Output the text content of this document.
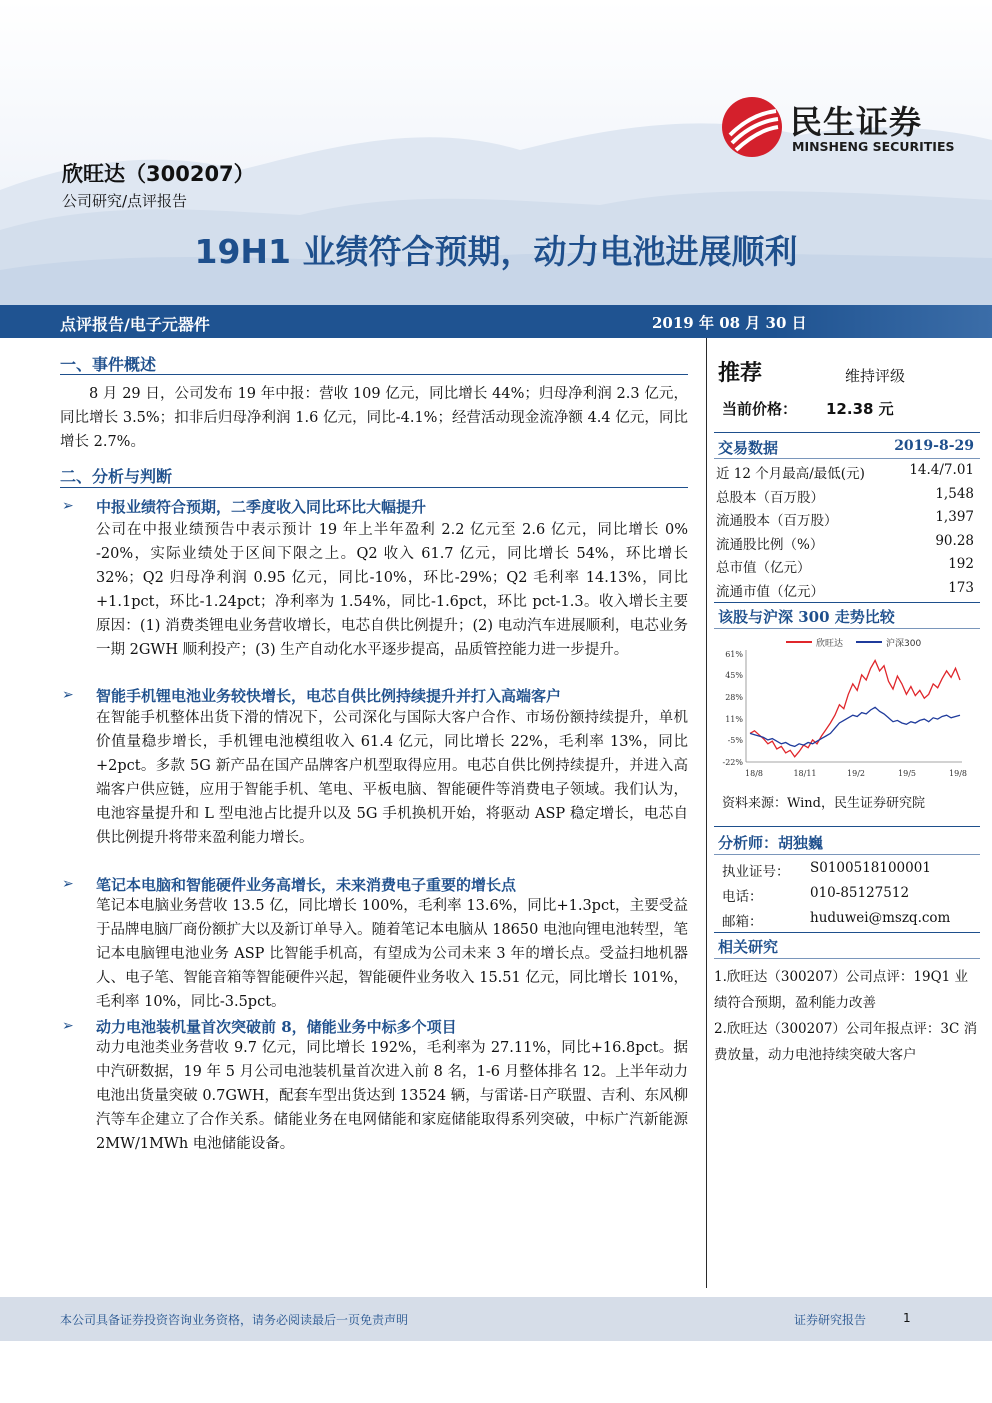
民生证券
MINSHENG SECURITIES
欣旺达（300207）
公司研究/点评报告
19H1 业绩符合预期，动力电池进展顺利
点评报告/电子元器件	2019 年 08 月 30 日
一、事件概述
8 月 29 日，公司发布 19 年中报：营收 109 亿元，同比增长 44%；归母净利润 2.3 亿元，同比增长 3.5%；扣非后归母净利润 1.6 亿元，同比-4.1%；经营活动现金流净额 4.4 亿元，同比增长 2.7%。
二、分析与判断
➢ 中报业绩符合预期，二季度收入同比环比大幅提升
公司在中报业绩预告中表示预计 19 年上半年盈利 2.2 亿元至 2.6 亿元，同比增长 0% -20%，实际业绩处于区间下限之上。Q2 收入 61.7 亿元，同比增长 54%，环比增长 32%；Q2 归母净利润 0.95 亿元，同比-10%，环比-29%；Q2 毛利率 14.13%，同比+1.1pct，环比-1.24pct；净利率为 1.54%，同比-1.6pct，环比 pct-1.3。收入增长主要原因：(1) 消费类锂电业务营收增长，电芯自供比例提升；(2) 电动汽车进展顺利，电芯业务一期 2GWH 顺利投产；(3) 生产自动化水平逐步提高，品质管控能力进一步提升。
➢ 智能手机锂电池业务较快增长，电芯自供比例持续提升并打入高端客户
在智能手机整体出货下滑的情况下，公司深化与国际大客户合作、市场份额持续提升，单机价值量稳步增长，手机锂电池模组收入 61.4 亿元，同比增长 22%，毛利率 13%，同比+2pct。多款 5G 新产品在国产品牌客户机型取得应用。电芯自供比例持续提升，并进入高端客户供应链，应用于智能手机、笔电、平板电脑、智能硬件等消费电子领域。我们认为，电池容量提升和 L 型电池占比提升以及 5G 手机换机开始，将驱动 ASP 稳定增长，电芯自供比例提升将带来盈利能力增长。
➢ 笔记本电脑和智能硬件业务高增长，未来消费电子重要的增长点
笔记本电脑业务营收 13.5 亿，同比增长 100%，毛利率 13.6%，同比+1.3pct，主要受益于品牌电脑厂商份额扩大以及新订单导入。随着笔记本电脑从 18650 电池向锂电池转型，笔记本电脑锂电池业务 ASP 比智能手机高，有望成为公司未来 3 年的增长点。受益扫地机器人、电子笔、智能音箱等智能硬件兴起，智能硬件业务收入 15.51 亿元，同比增长 101%，毛利率 10%，同比-3.5pct。
➢ 动力电池装机量首次突破前 8，储能业务中标多个项目
动力电池类业务营收 9.7 亿元，同比增长 192%，毛利率为 27.11%，同比+16.8pct。据中汽研数据，19 年 5 月公司电池装机量首次进入前 8 名，1-6 月整体排名 12。上半年动力电池出货量突破 0.7GWH，配套车型出货达到 13524 辆，与雷诺-日产联盟、吉利、东风柳汽等车企建立了合作关系。储能业务在电网储能和家庭储能取得系列突破，中标广汽新能源 2MW/1MWh 电池储能设备。
推荐	维持评级
当前价格： 12.38 元
交易数据	2019-8-29
近 12 个月最高/最低(元)	14.4/7.01
总股本（百万股）	1,548
流通股本（百万股）	1,397
流通股比例（%）	90.28
总市值（亿元）	192
流通市值（亿元）	173
该股与沪深 300 走势比较
欣旺达	沪深300
61%
45%
28%
11%
-5%
-22%
18/8	18/11	19/2	19/5	19/8
资料来源：Wind，民生证券研究院
分析师：胡独巍
执业证号： S0100518100001
电话：	010-85127512
邮箱：	huduwei@mszq.com
相关研究
1.欣旺达（300207）公司点评：19Q1 业绩符合预期，盈利能力改善
2.欣旺达（300207）公司年报点评：3C 消费放量，动力电池持续突破大客户
本公司具备证券投资咨询业务资格，请务必阅读最后一页免责声明	证券研究报告	1
